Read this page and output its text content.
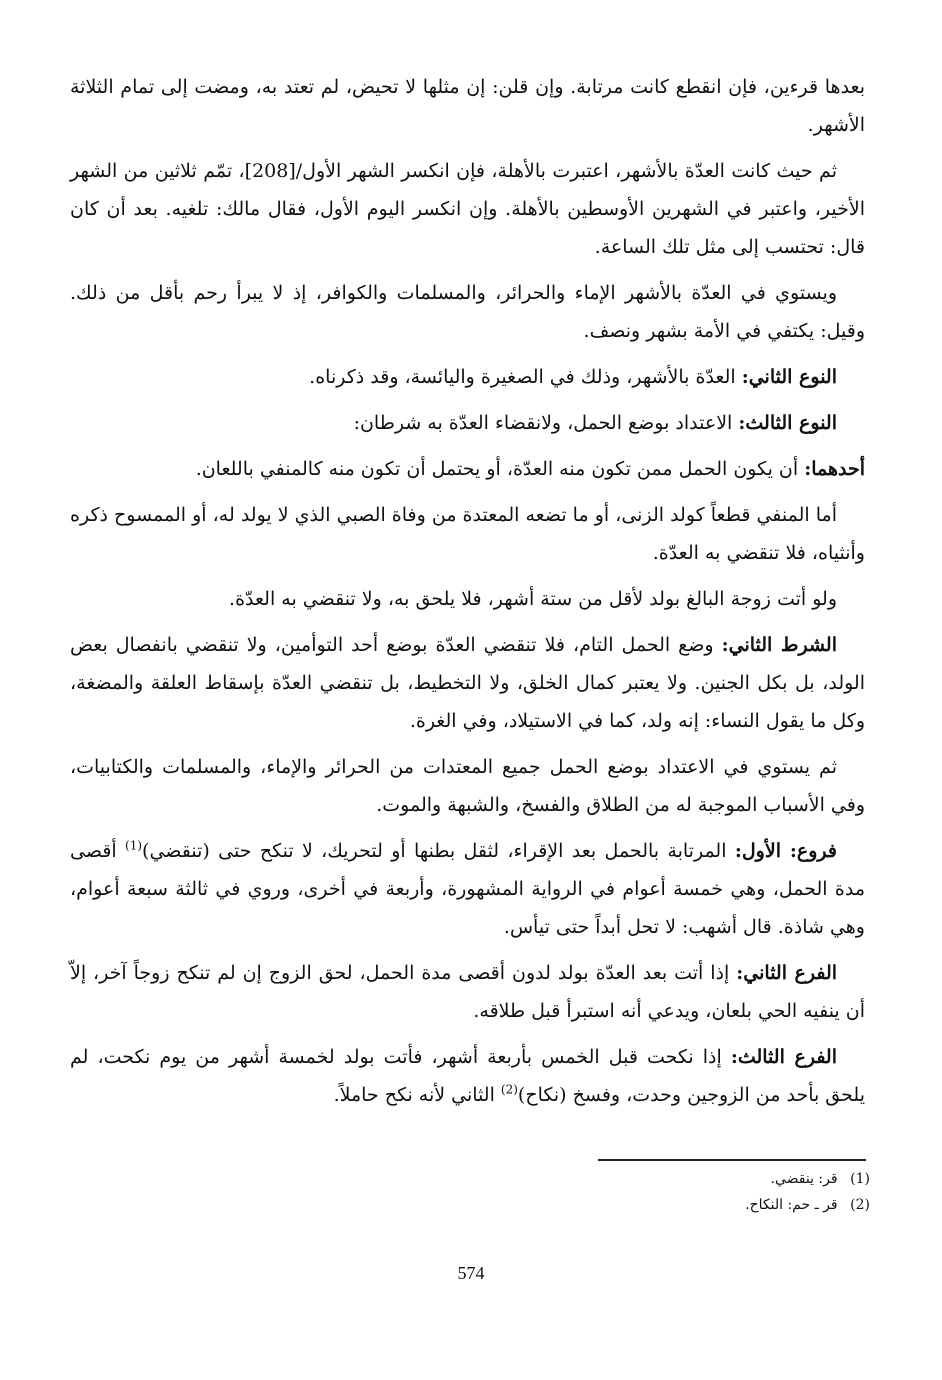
بعدها قرءين، فإن انقطع كانت مرتابة. وإن قلن: إن مثلها لا تحيض، لم تعتد به، ومضت إلى تمام الثلاثة الأشهر.

ثم حيث كانت العدّة بالأشهر، اعتبرت بالأهلة، فإن انكسر الشهر الأول/[208]، تمّم ثلاثين من الشهر الأخير، واعتبر في الشهرين الأوسطين بالأهلة. وإن انكسر اليوم الأول، فقال مالك: تلغيه. بعد أن كان قال: تحتسب إلى مثل تلك الساعة.

ويستوي في العدّة بالأشهر الإماء والحرائر، والمسلمات والكوافر، إذ لا يبرأ رحم بأقل من ذلك. وقيل: يكتفي في الأمة بشهر ونصف.

النوع الثاني: العدّة بالأشهر، وذلك في الصغيرة واليائسة، وقد ذكرناه.

النوع الثالث: الاعتداد بوضع الحمل، ولانقضاء العدّة به شرطان:

أحدهما: أن يكون الحمل ممن تكون منه العدّة، أو يحتمل أن تكون منه كالمنفي باللعان.

أما المنفي قطعاً كولد الزنى، أو ما تضعه المعتدة من وفاة الصبي الذي لا يولد له، أو الممسوح ذكره وأنثياه، فلا تنقضي به العدّة.

ولو أتت زوجة البالغ بولد لأقل من ستة أشهر، فلا يلحق به، ولا تنقضي به العدّة.

الشرط الثاني: وضع الحمل التام، فلا تنقضي العدّة بوضع أحد التوأمين، ولا تنقضي بانفصال بعض الولد، بل بكل الجنين. ولا يعتبر كمال الخلق، ولا التخطيط، بل تنقضي العدّة بإسقاط العلقة والمضغة، وكل ما يقول النساء: إنه ولد، كما في الاستيلاد، وفي الغرة.

ثم يستوي في الاعتداد بوضع الحمل جميع المعتدات من الحرائر والإماء، والمسلمات والكتابيات، وفي الأسباب الموجبة له من الطلاق والفسخ، والشبهة والموت.

فروع: الأول: المرتابة بالحمل بعد الإقراء، لثقل بطنها أو لتحريك، لا تنكح حتى (تنقضي)$^{(1)}$ أقصى مدة الحمل، وهي خمسة أعوام في الرواية المشهورة، وأربعة في أخرى، وروي في ثالثة سبعة أعوام، وهي شاذة. قال أشهب: لا تحل أبداً حتى تيأس.

الفرع الثاني: إذا أتت بعد العدّة بولد لدون أقصى مدة الحمل، لحق الزوج إن لم تنكح زوجاً آخر، إلاّ أن ينفيه الحي بلعان، ويدعي أنه استبرأ قبل طلاقه.

الفرع الثالث: إذا نكحت قبل الخمس بأربعة أشهر، فأتت بولد لخمسة أشهر من يوم نكحت، لم يلحق بأحد من الزوجين وحدت، وفسخ (نكاح)$^{(2)}$ الثاني لأنه نكح حاملاً.

(1) قر: ينقضي.
(2) قر ـ حم: النكاح.
574
